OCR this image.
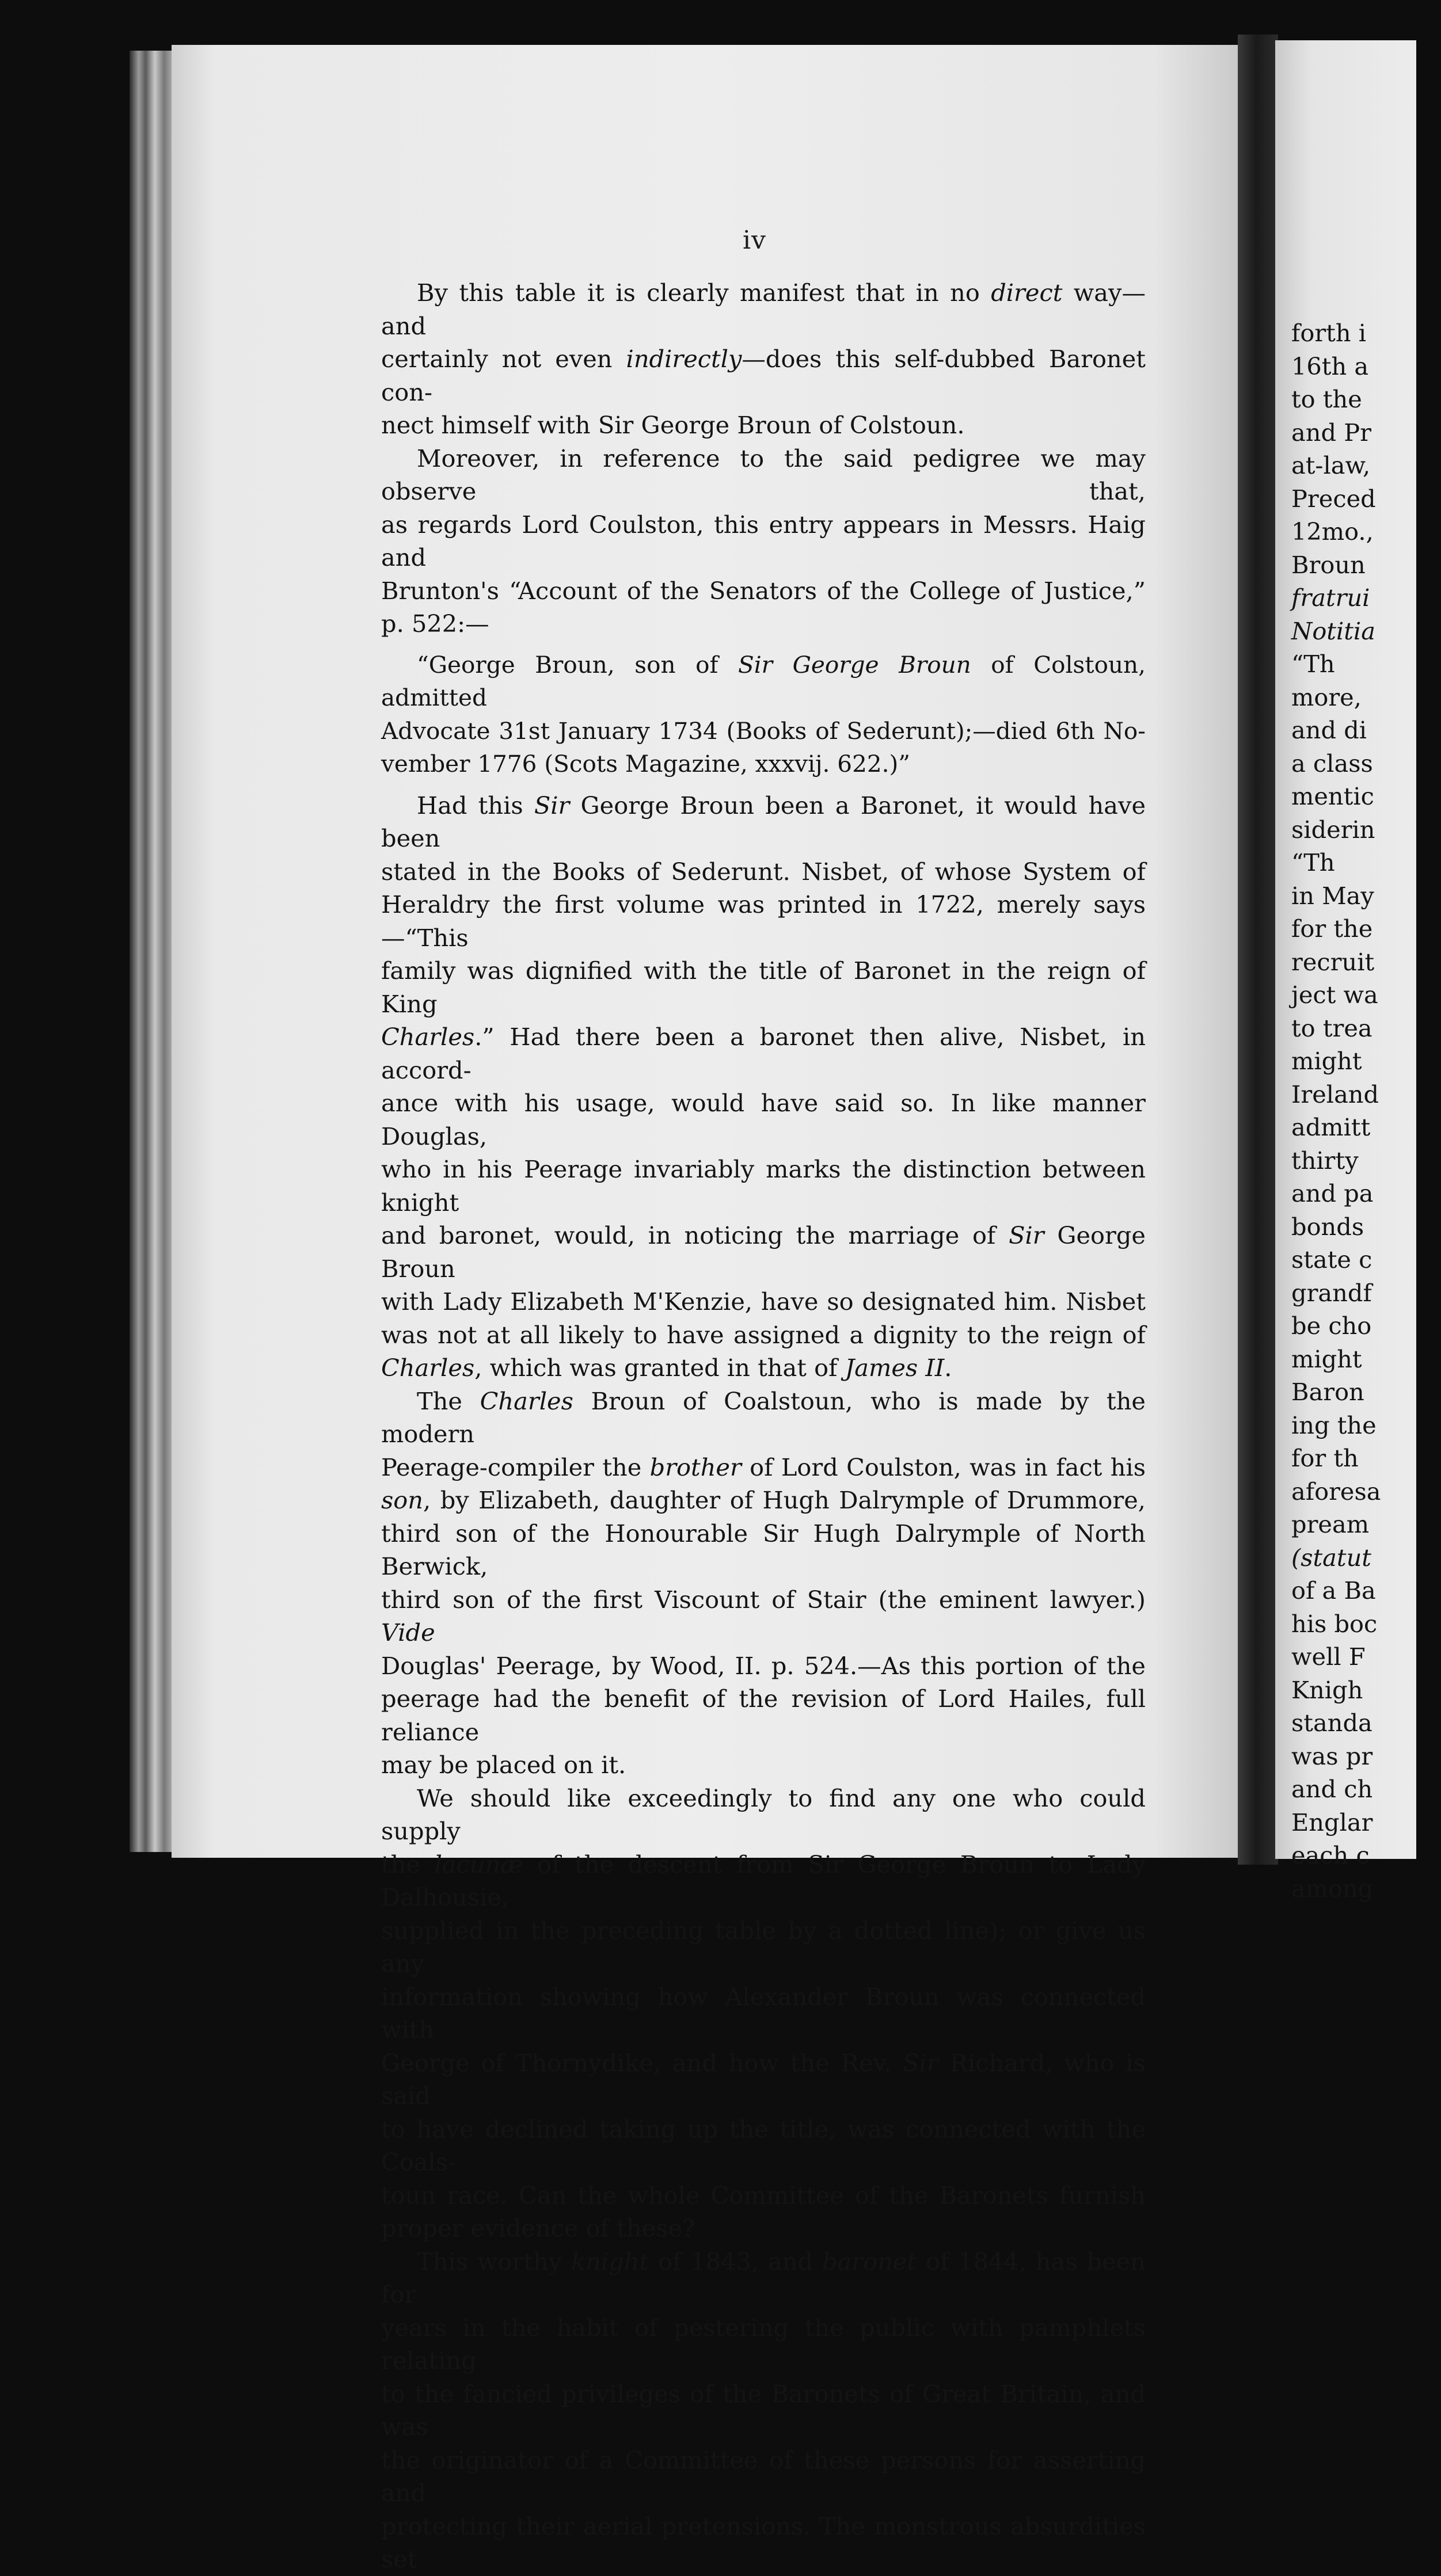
forth i
16th a
to the
and Pr
at-law,
Preced
12mo.,
Broun
fratrui
Notitia
“Th
more,
and di
a class
mentic
siderin
“Th
in May
for the
recruit
ject wa
to trea
might
Ireland
admitt
thirty
and pa
bonds
state c
grandf
be cho
might
Baron
ing the
for th
aforesa
pream
(statut
of a Ba
his boc
well F
Knigh
standa
was pr
and ch
Englar
each c
among
iv

By this table it is clearly manifest that in no direct way—and

certainly not even indirectly—does this self-dubbed Baronet con-

nect himself with Sir George Broun of Colstoun.

Moreover, in reference to the said pedigree we may observe that,

as regards Lord Coulston, this entry appears in Messrs. Haig and

Brunton's “Account of the Senators of the College of Justice,”

p. 522:—

“George Broun, son of Sir George Broun of Colstoun, admitted

Advocate 31st January 1734 (Books of Sederunt);—died 6th No-

vember 1776 (Scots Magazine, xxxvij. 622.)”

Had this Sir George Broun been a Baronet, it would have been

stated in the Books of Sederunt. Nisbet, of whose System of

Heraldry the first volume was printed in 1722, merely says—“This

family was dignified with the title of Baronet in the reign of King

Charles.” Had there been a baronet then alive, Nisbet, in accord-

ance with his usage, would have said so. In like manner Douglas,

who in his Peerage invariably marks the distinction between knight

and baronet, would, in noticing the marriage of Sir George Broun

with Lady Elizabeth M'Kenzie, have so designated him. Nisbet

was not at all likely to have assigned a dignity to the reign of

Charles, which was granted in that of James II.

The Charles Broun of Coalstoun, who is made by the modern

Peerage-compiler the brother of Lord Coulston, was in fact his

son, by Elizabeth, daughter of Hugh Dalrymple of Drummore,

third son of the Honourable Sir Hugh Dalrymple of North Berwick,

third son of the first Viscount of Stair (the eminent lawyer.) Vide

Douglas' Peerage, by Wood, II. p. 524.—As this portion of the

peerage had the benefit of the revision of Lord Hailes, full reliance

may be placed on it.

We should like exceedingly to find any one who could supply

the lacunæ of the descent from Sir George Broun to Lady Dalhousie,

supplied in the preceding table by a dotted line); or give us any

information showing how Alexander Broun was connected with

George of Thornydike, and how the Rev. Sir Richard, who is said

to have declined taking up the title, was connected with the Coals-

toun race. Can the whole Committee of the Baronets furnish

proper evidence of these?

This worthy knight of 1843, and baronet of 1844, has been for

years in the habit of pestering the public with pamphlets relating

to the fancied privileges of the Baronets of Great Britain, and was

the originator of a Committee of these persons for asserting and

protecting their aerial pretensions. The monstrous absurdities set
